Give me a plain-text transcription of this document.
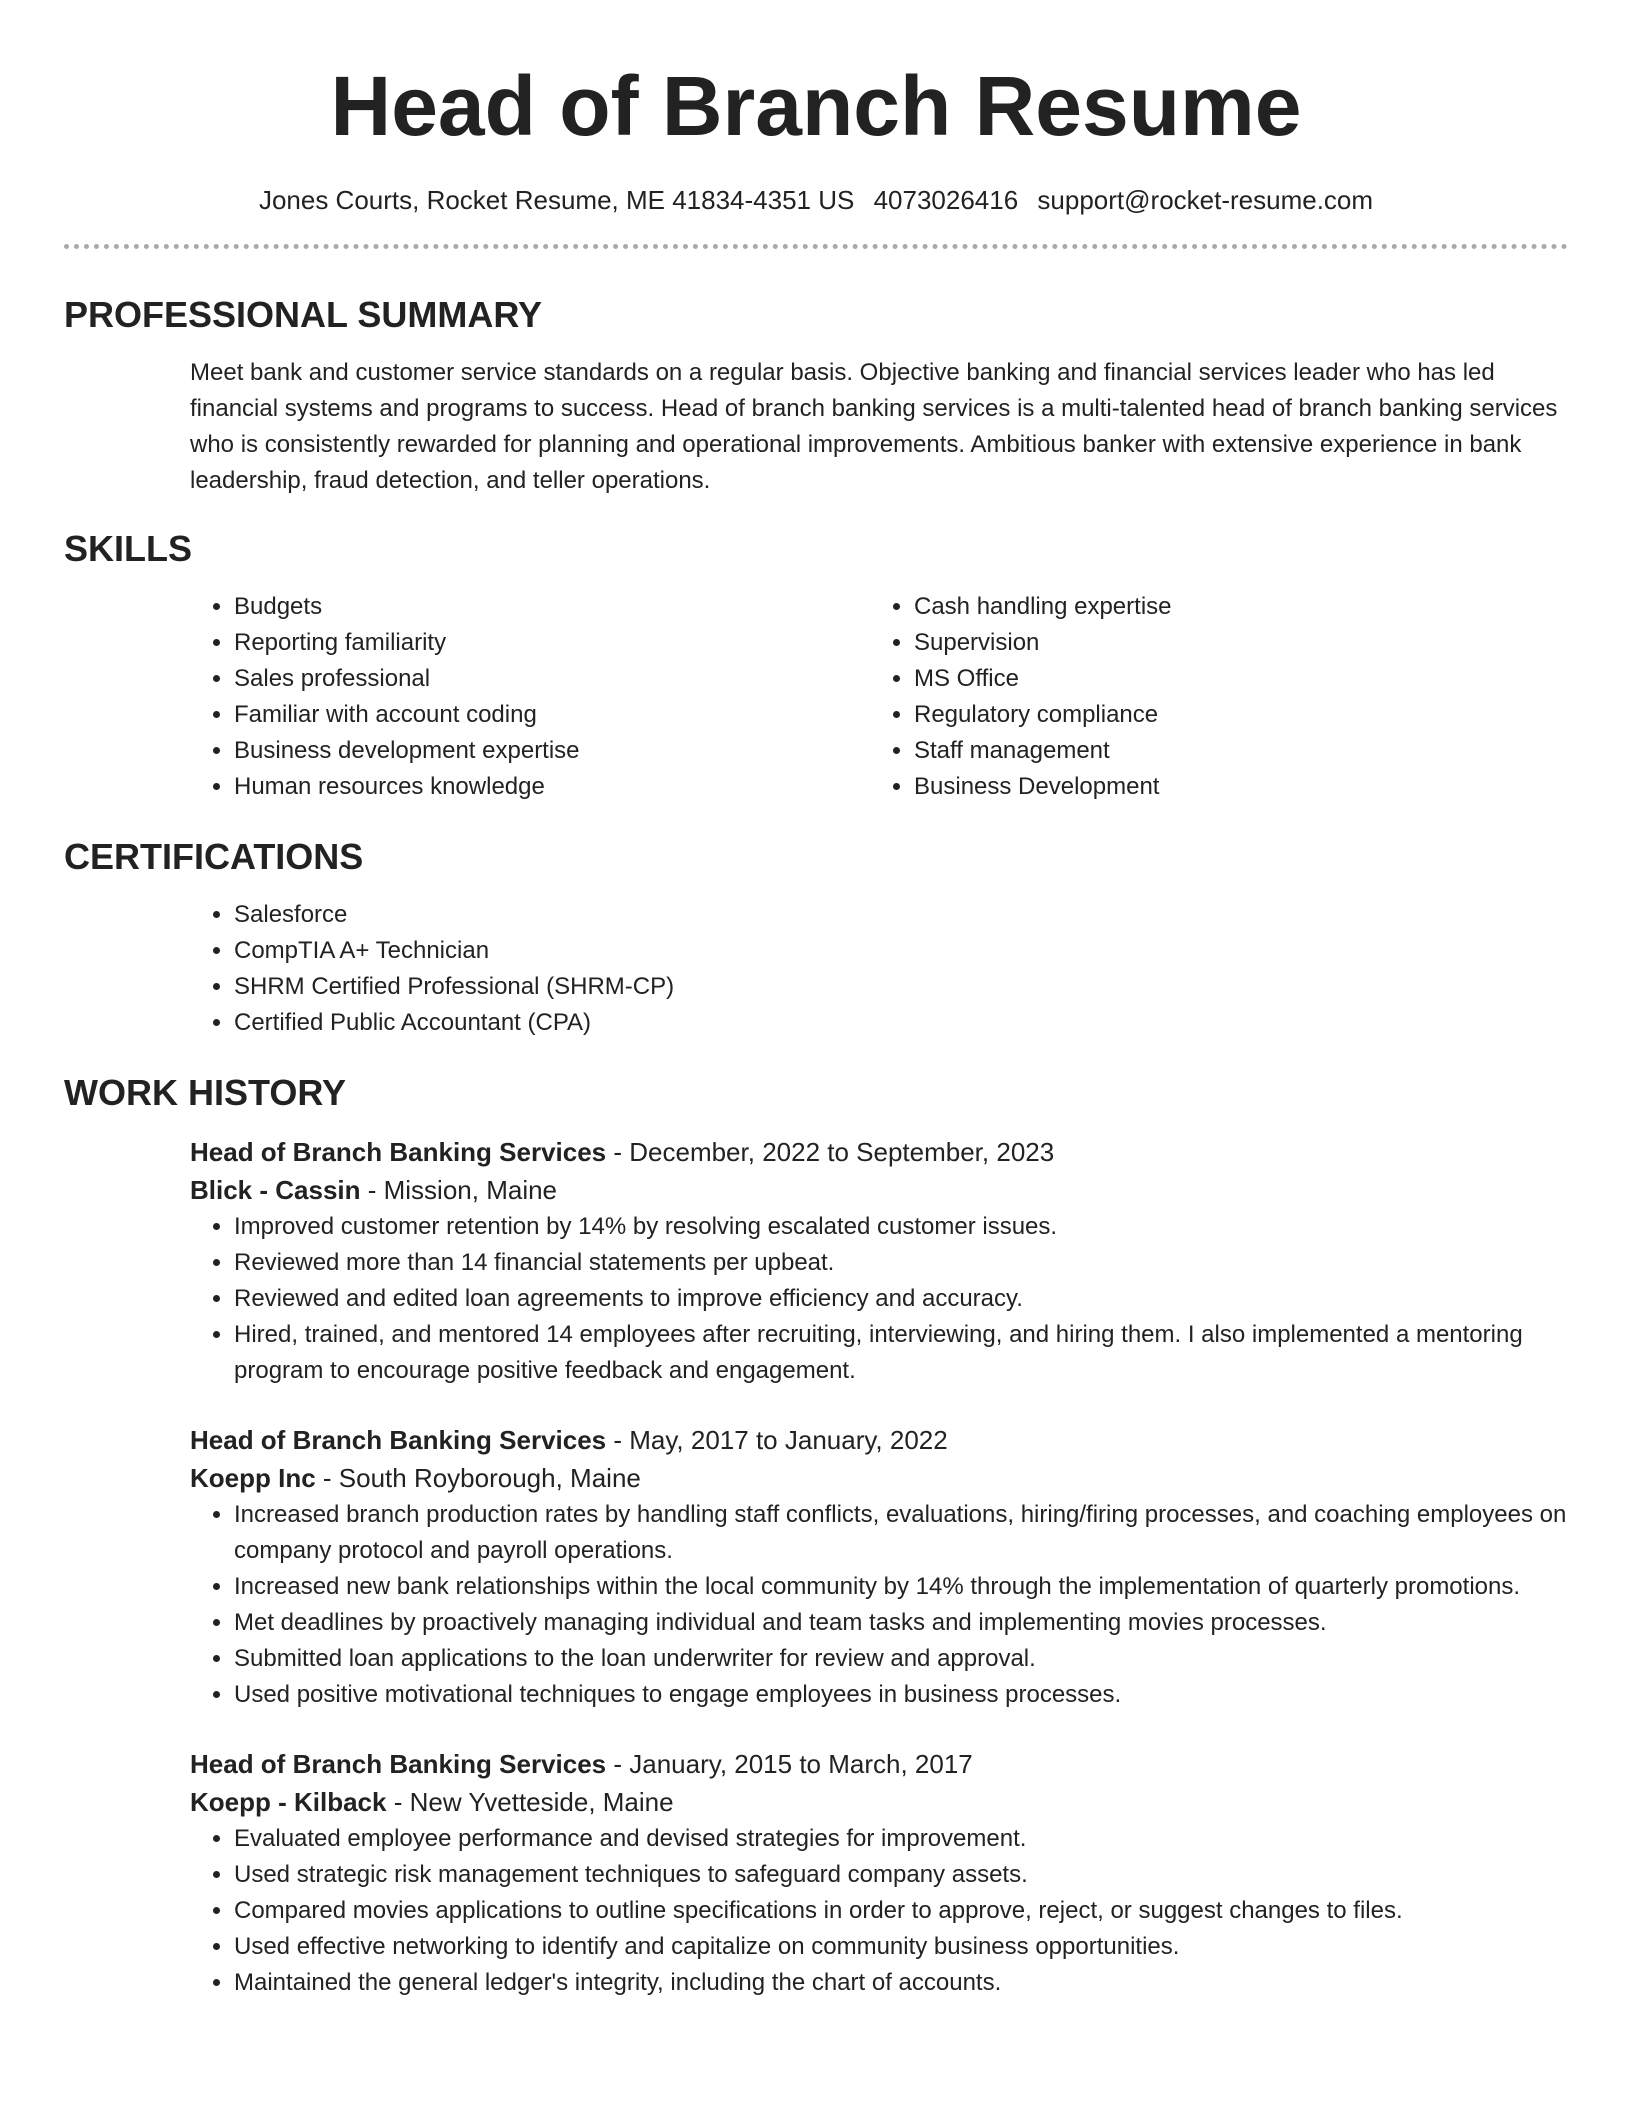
Head of Branch Resume
Jones Courts, Rocket Resume, ME 41834-4351 US 4073026416 support@rocket-resume.com
PROFESSIONAL SUMMARY

Meet bank and customer service standards on a regular basis. Objective banking and financial services leader who has led financial systems and programs to success. Head of branch banking services is a multi-talented head of branch banking services who is consistently rewarded for planning and operational improvements. Ambitious banker with extensive experience in bank leadership, fraud detection, and teller operations.

SKILLS
• Budgets
• Reporting familiarity
• Sales professional
• Familiar with account coding
• Business development expertise
• Human resources knowledge
• Cash handling expertise
• Supervision
• MS Office
• Regulatory compliance
• Staff management
• Business Development
CERTIFICATIONS
• Salesforce
• CompTIA A+ Technician
• SHRM Certified Professional (SHRM-CP)
• Certified Public Accountant (CPA)
WORK HISTORY
Head of Branch Banking Services - December, 2022 to September, 2023
Blick - Cassin - Mission, Maine
• Improved customer retention by 14% by resolving escalated customer issues.
• Reviewed more than 14 financial statements per upbeat.
• Reviewed and edited loan agreements to improve efficiency and accuracy.
• Hired, trained, and mentored 14 employees after recruiting, interviewing, and hiring them. I also implemented a mentoring program to encourage positive feedback and engagement.
Head of Branch Banking Services - May, 2017 to January, 2022
Koepp Inc - South Royborough, Maine
• Increased branch production rates by handling staff conflicts, evaluations, hiring/firing processes, and coaching employees on company protocol and payroll operations.
• Increased new bank relationships within the local community by 14% through the implementation of quarterly promotions.
• Met deadlines by proactively managing individual and team tasks and implementing movies processes.
• Submitted loan applications to the loan underwriter for review and approval.
• Used positive motivational techniques to engage employees in business processes.
Head of Branch Banking Services - January, 2015 to March, 2017
Koepp - Kilback - New Yvetteside, Maine
• Evaluated employee performance and devised strategies for improvement.
• Used strategic risk management techniques to safeguard company assets.
• Compared movies applications to outline specifications in order to approve, reject, or suggest changes to files.
• Used effective networking to identify and capitalize on community business opportunities.
• Maintained the general ledger's integrity, including the chart of accounts.
